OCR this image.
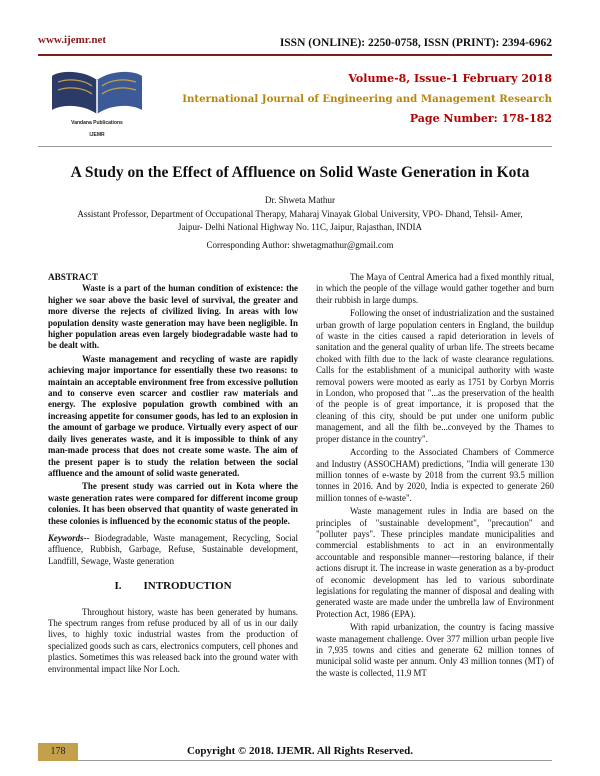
www.ijemr.net	ISSN (ONLINE): 2250-0758, ISSN (PRINT): 2394-6962
Vandana Publications
IJEMR
Volume-8, Issue-1 February 2018
International Journal of Engineering and Management Research
Page Number: 178-182
A Study on the Effect of Affluence on Solid Waste Generation in Kota
Dr. Shweta Mathur
Assistant Professor, Department of Occupational Therapy, Maharaj Vinayak Global University, VPO- Dhand, Tehsil- Amer,
Jaipur- Delhi National Highway No. 11C, Jaipur, Rajasthan, INDIA
Corresponding Author: shwetagmathur@gmail.com
ABSTRACT

Waste is a part of the human condition of existence: the higher we soar above the basic level of survival, the greater and more diverse the rejects of civilized living. In areas with low population density waste generation may have been negligible. In higher population areas even largely biodegradable waste had to be dealt with.

Waste management and recycling of waste are rapidly achieving major importance for essentially these two reasons: to maintain an acceptable environment free from excessive pollution and to conserve even scarcer and costlier raw materials and energy. The explosive population growth combined with an increasing appetite for consumer goods, has led to an explosion in the amount of garbage we produce. Virtually every aspect of our daily lives generates waste, and it is impossible to think of any man-made process that does not create some waste. The aim of the present paper is to study the relation between the social affluence and the amount of solid waste generated.

The present study was carried out in Kota where the waste generation rates were compared for different income group colonies. It has been observed that quantity of waste generated in these colonies is influenced by the economic status of the people.

Keywords-- Biodegradable, Waste management, Recycling, Social affluence, Rubbish, Garbage, Refuse, Sustainable development, Landfill, Sewage, Waste generation

I.  INTRODUCTION

Throughout history, waste has been generated by humans. The spectrum ranges from refuse produced by all of us in our daily lives, to highly toxic industrial wastes from the production of specialized goods such as cars, electronics computers, cell phones and plastics. Sometimes this was released back into the ground water with environmental impact like Nor Loch.

The Maya of Central America had a fixed monthly ritual, in which the people of the village would gather together and burn their rubbish in large dumps.

Following the onset of industrialization and the sustained urban growth of large population centers in England, the buildup of waste in the cities caused a rapid deterioration in levels of sanitation and the general quality of urban life. The streets became choked with filth due to the lack of waste clearance regulations. Calls for the establishment of a municipal authority with waste removal powers were mooted as early as 1751 by Corbyn Morris in London, who proposed that "...as the preservation of the health of the people is of great importance, it is proposed that the cleaning of this city, should be put under one uniform public management, and all the filth be...conveyed by the Thames to proper distance in the country".

According to the Associated Chambers of Commerce and Industry (ASSOCHAM) predictions, "India will generate 130 million tonnes of e-waste by 2018 from the current 93.5 million tonnes in 2016. And by 2020, India is expected to generate 260 million tonnes of e-waste".

Waste management rules in India are based on the principles of "sustainable development", "precaution" and "polluter pays". These principles mandate municipalities and commercial establishments to act in an environmentally accountable and responsible manner—restoring balance, if their actions disrupt it. The increase in waste generation as a by-product of economic development has led to various subordinate legislations for regulating the manner of disposal and dealing with generated waste are made under the umbrella law of Environment Protection Act, 1986 (EPA).

With rapid urbanization, the country is facing massive waste management challenge. Over 377 million urban people live in 7,935 towns and cities and generate 62 million tonnes of municipal solid waste per annum. Only 43 million tonnes (MT) of the waste is collected, 11.9 MT

178	Copyright © 2018. IJEMR. All Rights Reserved.
